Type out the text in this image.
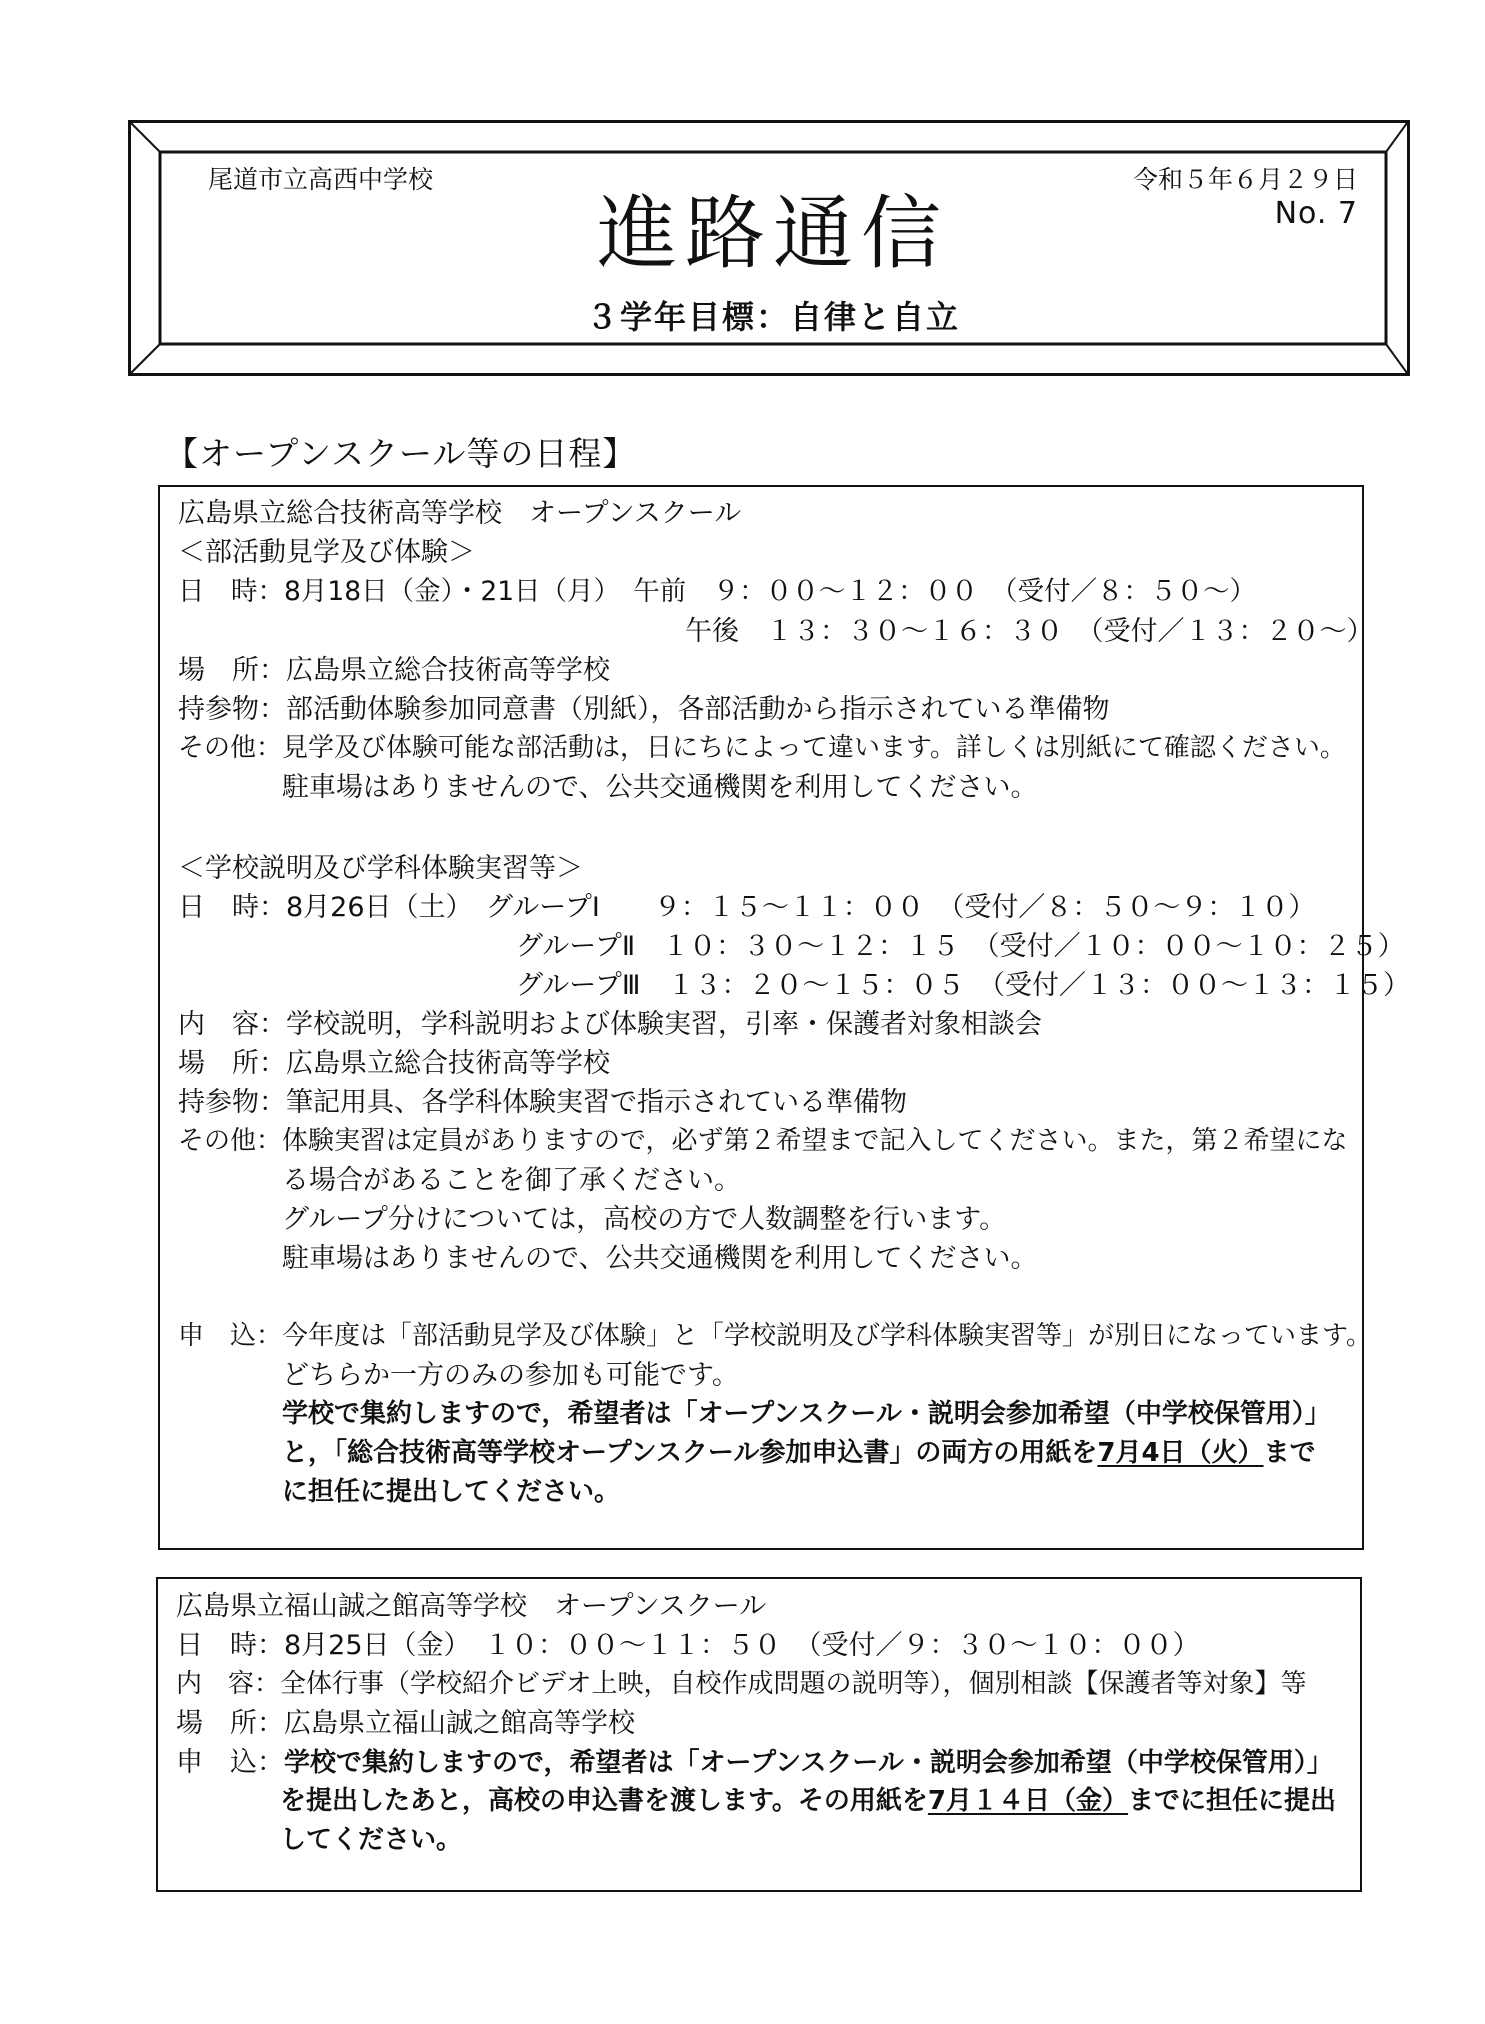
尾道市立高西中学校	令和５年６月２９日
No. 7
進路通信
３学年目標：自律と自立
【オープンスクール等の日程】
広島県立総合技術高等学校　オープンスクール
＜部活動見学及び体験＞
日　時：8月18日（金）・21日（月）　午前　９：００～１２：００　（受付／８：５０～）
午後　１３：３０～１６：３０　（受付／１３：２０～）
場　所：広島県立総合技術高等学校
持参物：部活動体験参加同意書（別紙），各部活動から指示されている準備物
その他：見学及び体験可能な部活動は，日にちによって違います。詳しくは別紙にて確認ください。
駐車場はありませんので、公共交通機関を利用してください。
＜学校説明及び学科体験実習等＞
日　時：8月26日（土）　グループⅠ　　９：１５～１１：００　（受付／８：５０～９：１０）
グループⅡ　１０：３０～１２：１５　（受付／１０：００～１０：２５）
グループⅢ　１３：２０～１５：０５　（受付／１３：００～１３：１５）
内　容：学校説明，学科説明および体験実習，引率・保護者対象相談会
場　所：広島県立総合技術高等学校
持参物：筆記用具、各学科体験実習で指示されている準備物
その他：体験実習は定員がありますので，必ず第２希望まで記入してください。また，第２希望にな
る場合があることを御了承ください。
グループ分けについては，高校の方で人数調整を行います。
駐車場はありませんので、公共交通機関を利用してください。
申　込：今年度は「部活動見学及び体験」と「学校説明及び学科体験実習等」が別日になっています。
どちらか一方のみの参加も可能です。
学校で集約しますので，希望者は「オープンスクール・説明会参加希望（中学校保管用）」
と，「総合技術高等学校オープンスクール参加申込書」の両方の用紙を7月4日（火）まで
に担任に提出してください。
広島県立福山誠之館高等学校　オープンスクール
日　時：8月25日（金）　１０：００～１１：５０　（受付／９：３０～１０：００）
内　容：全体行事（学校紹介ビデオ上映，自校作成問題の説明等），個別相談【保護者等対象】等
場　所：広島県立福山誠之館高等学校
申　込：学校で集約しますので，希望者は「オープンスクール・説明会参加希望（中学校保管用）」
を提出したあと，高校の申込書を渡します。その用紙を7月１４日（金）までに担任に提出
してください。
